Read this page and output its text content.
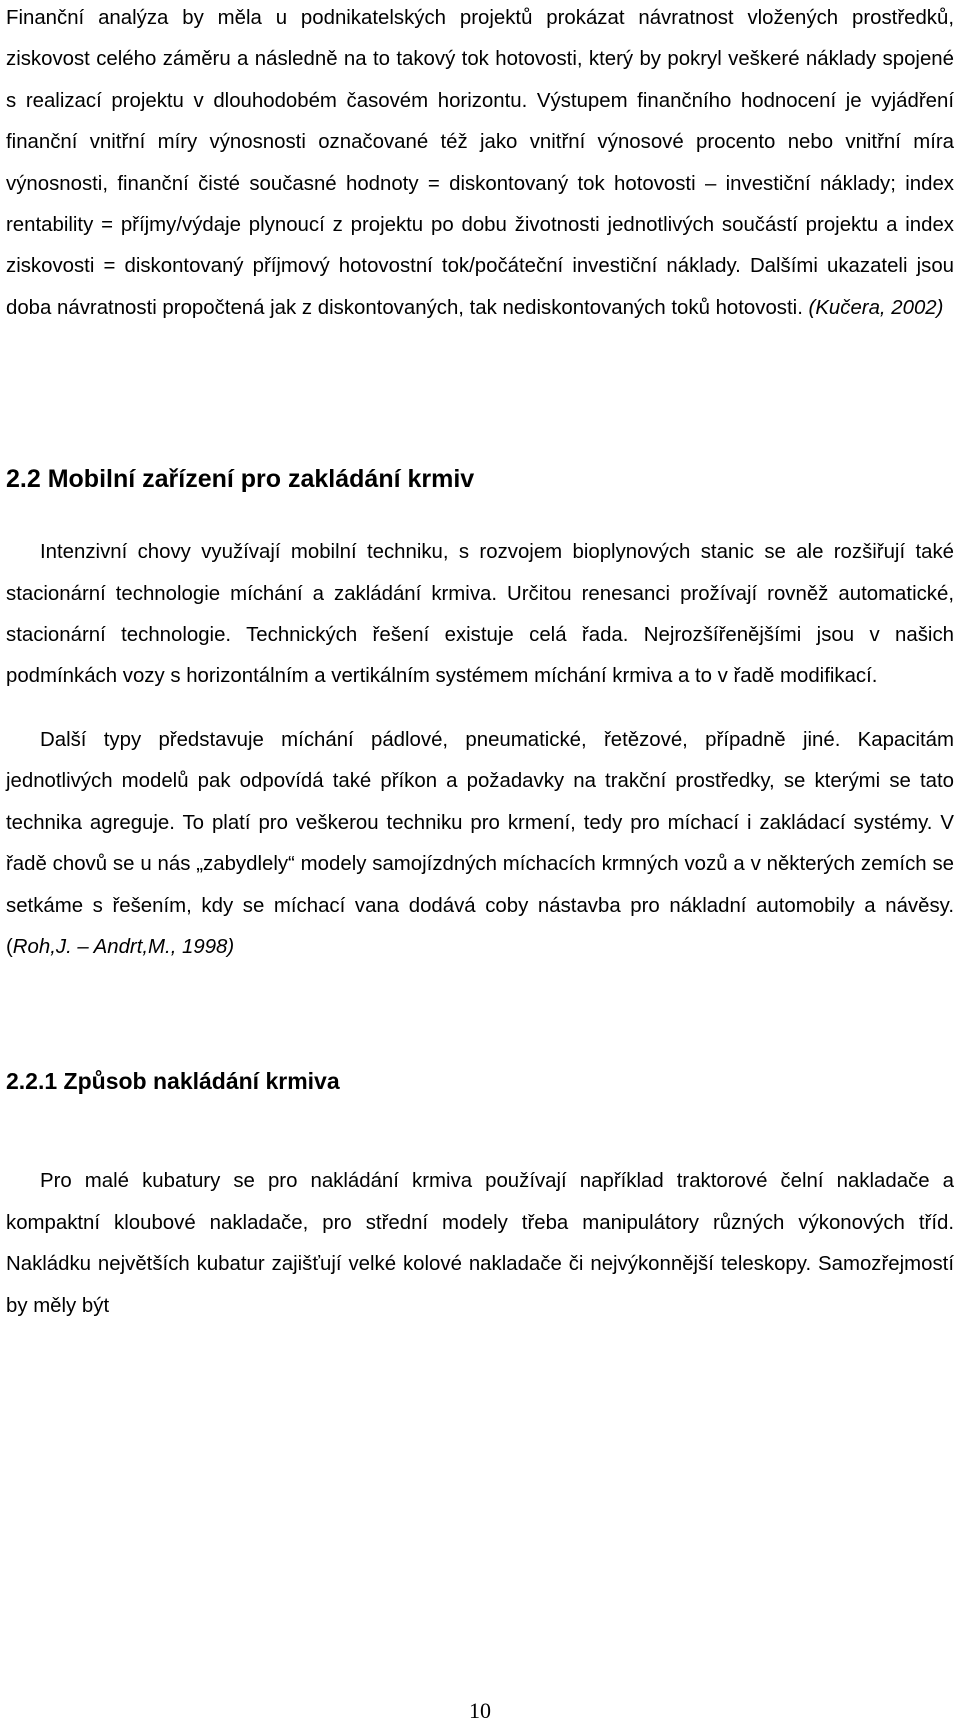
Finanční analýza by měla u podnikatelských projektů prokázat návratnost vložených prostředků, ziskovost celého záměru a následně na to takový tok hotovosti, který by pokryl veškeré náklady spojené s realizací projektu v dlouhodobém časovém horizontu. Výstupem finančního hodnocení je vyjádření finanční vnitřní míry výnosnosti označované též jako vnitřní výnosové procento nebo vnitřní míra výnosnosti, finanční čisté současné hodnoty = diskontovaný tok hotovosti – investiční náklady; index rentability = příjmy/výdaje plynoucí z projektu po dobu životnosti jednotlivých součástí projektu a index ziskovosti = diskontovaný příjmový hotovostní tok/počáteční investiční náklady. Dalšími ukazateli jsou doba návratnosti propočtená jak z diskontovaných, tak nediskontovaných toků hotovosti. (Kučera, 2002)

2.2 Mobilní zařízení pro zakládání krmiv

Intenzivní chovy využívají mobilní techniku, s rozvojem bioplynových stanic se ale rozšiřují také stacionární technologie míchání a zakládání krmiva. Určitou renesanci prožívají rovněž automatické, stacionární technologie. Technických řešení existuje celá řada. Nejrozšířenějšími jsou v našich podmínkách vozy s horizontálním a vertikálním systémem míchání krmiva a to v řadě modifikací.

Další typy představuje míchání pádlové, pneumatické, řetězové, případně jiné. Kapacitám jednotlivých modelů pak odpovídá také příkon a požadavky na trakční prostředky, se kterými se tato technika agreguje. To platí pro veškerou techniku pro krmení, tedy pro míchací i zakládací systémy. V řadě chovů se u nás „zabydlely“ modely samojízdných míchacích krmných vozů a v některých zemích se setkáme s řešením, kdy se míchací vana dodává coby nástavba pro nákladní automobily a návěsy. (Roh,J. – Andrt,M., 1998)

2.2.1 Způsob nakládání krmiva

Pro malé kubatury se pro nakládání krmiva používají například traktorové čelní nakladače a kompaktní kloubové nakladače, pro střední modely třeba manipulátory různých výkonových tříd. Nakládku největších kubatur zajišťují velké kolové nakladače či nejvýkonnější teleskopy. Samozřejmostí by měly být

10
